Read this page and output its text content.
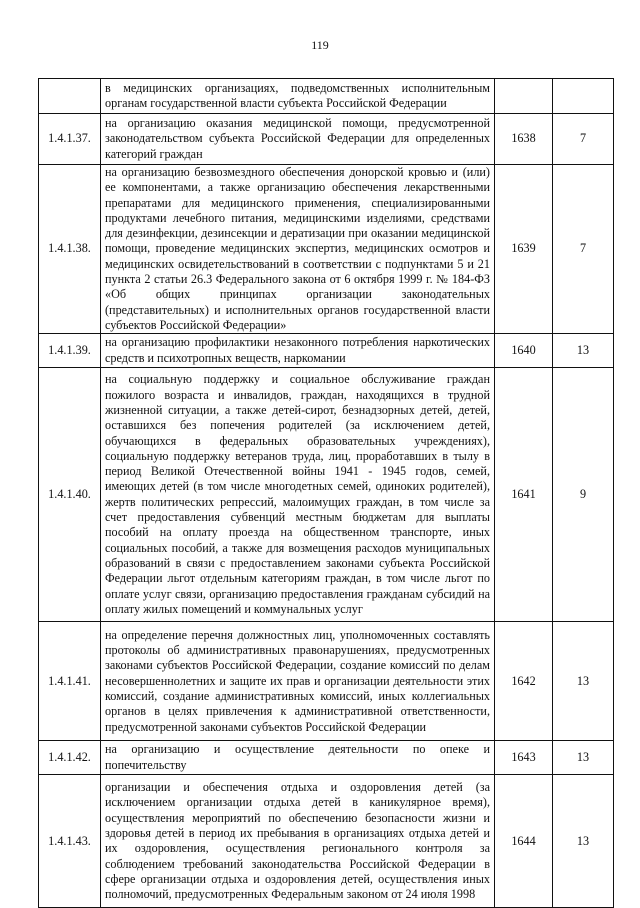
119
	в медицинских организациях, подведомственных исполнительным органам государственной власти субъекта Российской Федерации		
1.4.1.37.	на организацию оказания медицинской помощи, предусмотренной законодательством субъекта Российской Федерации для определенных категорий граждан	1638	7
1.4.1.38.	на организацию безвозмездного обеспечения донорской кровью и (или) ее компонентами, а также организацию обеспечения лекарственными препаратами для медицинского применения, специализированными продуктами лечебного питания, медицинскими изделиями, средствами для дезинфекции, дезинсекции и дератизации при оказании медицинской помощи, проведение медицинских экспертиз, медицинских осмотров и медицинских освидетельствований в соответствии с подпунктами 5 и 21 пункта 2 статьи 26.3 Федерального закона от 6 октября 1999 г. № 184-ФЗ «Об общих принципах организации законодательных (представительных) и исполнительных органов государственной власти субъектов Российской Федерации»	1639	7
1.4.1.39.	на организацию профилактики незаконного потребления наркотических средств и психотропных веществ, наркомании	1640	13
1.4.1.40.	на социальную поддержку и социальное обслуживание граждан пожилого возраста и инвалидов, граждан, находящихся в трудной жизненной ситуации, а также детей-сирот, безнадзорных детей, детей, оставшихся без попечения родителей (за исключением детей, обучающихся в федеральных образовательных учреждениях), социальную поддержку ветеранов труда, лиц, проработавших в тылу в период Великой Отечественной войны 1941 - 1945 годов, семей, имеющих детей (в том числе многодетных семей, одиноких родителей), жертв политических репрессий, малоимущих граждан, в том числе за счет предоставления субвенций местным бюджетам для выплаты пособий на оплату проезда на общественном транспорте, иных социальных пособий, а также для возмещения расходов муниципальных образований в связи с предоставлением законами субъекта Российской Федерации льгот отдельным категориям граждан, в том числе льгот по оплате услуг связи, организацию предоставления гражданам субсидий на оплату жилых помещений и коммунальных услуг	1641	9
1.4.1.41.	на определение перечня должностных лиц, уполномоченных составлять протоколы об административных правонарушениях, предусмотренных законами субъектов Российской Федерации, создание комиссий по делам несовершеннолетних и защите их прав и организации деятельности этих комиссий, создание административных комиссий, иных коллегиальных органов в целях привлечения к административной ответственности, предусмотренной законами субъектов Российской Федерации	1642	13
1.4.1.42.	на организацию и осуществление деятельности по опеке и попечительству	1643	13
1.4.1.43.	организации и обеспечения отдыха и оздоровления детей (за исключением организации отдыха детей в каникулярное время), осуществления мероприятий по обеспечению безопасности жизни и здоровья детей в период их пребывания в организациях отдыха детей и их оздоровления, осуществления регионального контроля за соблюдением требований законодательства Российской Федерации в сфере организации отдыха и оздоровления детей, осуществления иных полномочий, предусмотренных Федеральным законом от 24 июля 1998	1644	13
